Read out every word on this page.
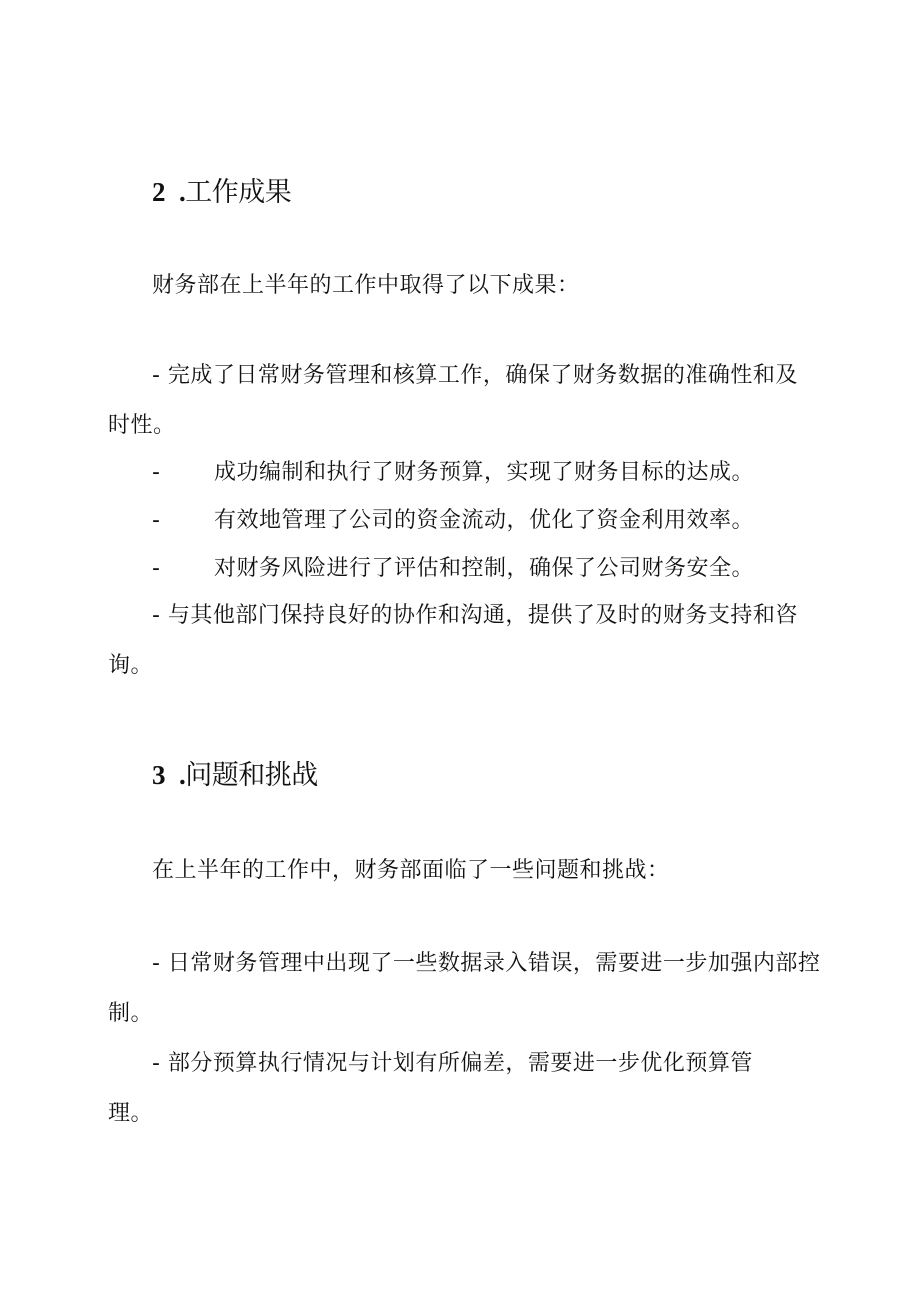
2 .工作成果
财务部在上半年的工作中取得了以下成果：
- 完成了日常财务管理和核算工作，确保了财务数据的准确性和及时性。
- 成功编制和执行了财务预算，实现了财务目标的达成。
- 有效地管理了公司的资金流动，优化了资金利用效率。
- 对财务风险进行了评估和控制，确保了公司财务安全。
- 与其他部门保持良好的协作和沟通，提供了及时的财务支持和咨询。
3 .问题和挑战
在上半年的工作中，财务部面临了一些问题和挑战：
- 日常财务管理中出现了一些数据录入错误，需要进一步加强内部控制。
- 部分预算执行情况与计划有所偏差，需要进一步优化预算管理。
